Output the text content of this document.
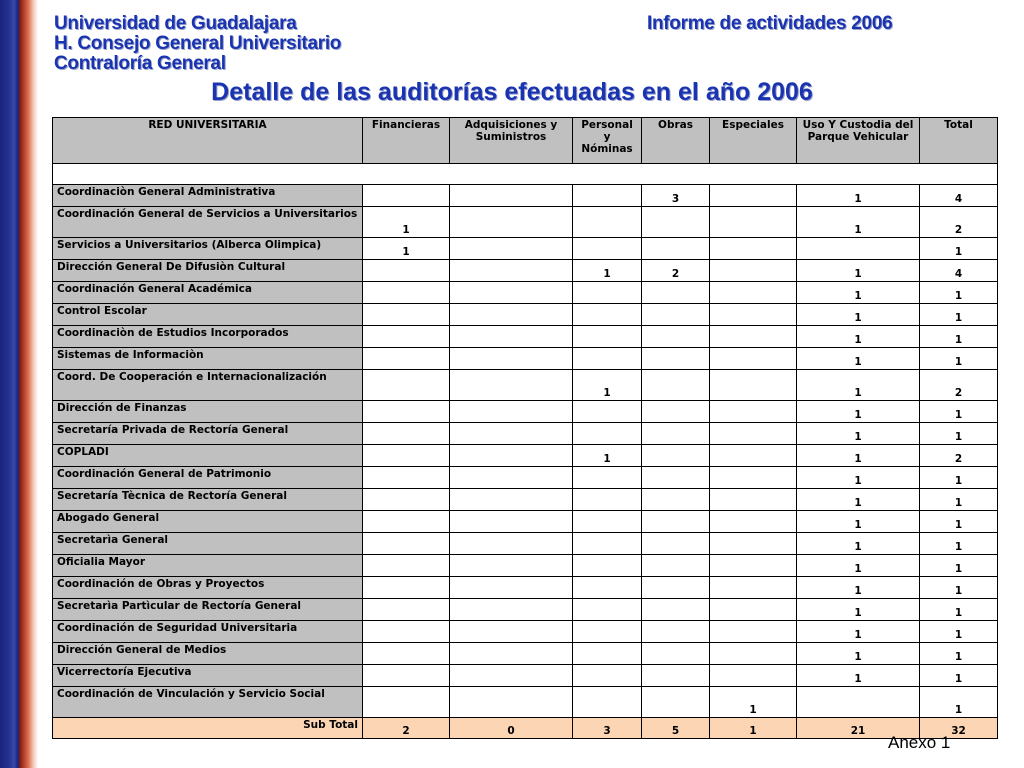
Universidad de Guadalajara
H. Consejo General Universitario
Contraloría General
Informe de actividades 2006
Detalle de las auditorías efectuadas en el año 2006
RED UNIVERSITARIA	Financieras	Adquisiciones y Suministros	Personal y Nóminas	Obras	Especiales	Uso Y Custodia del Parque Vehicular	Total

Coordinaciòn General Administrativa				3		1	4
Coordinación General de Servicios a Universitarios	1					1	2
Servicios a Universitarios (Alberca Olimpica)	1						1
Dirección General De Difusiòn Cultural			1	2		1	4
Coordinación General Académica						1	1
Control Escolar						1	1
Coordinaciòn de Estudios Incorporados						1	1
Sistemas de Informaciòn						1	1
Coord. De Cooperación e Internacionalización			1			1	2
Dirección de Finanzas						1	1
Secretaría Privada de Rectoría General						1	1
COPLADI			1			1	2
Coordinación General de Patrimonio						1	1
Secretaría Tècnica de Rectoría General						1	1
Abogado General						1	1
Secretarìa General						1	1
Oficialia Mayor						1	1
Coordinación de Obras y Proyectos						1	1
Secretarìa Partìcular de Rectoría General						1	1
Coordinación de Seguridad Universitaria						1	1
Dirección General de Medios						1	1
Vicerrectoría Ejecutiva						1	1
Coordinación de Vinculación y Servicio Social					1		1
Sub Total	2	0	3	5	1	21	32
Anexo 1
